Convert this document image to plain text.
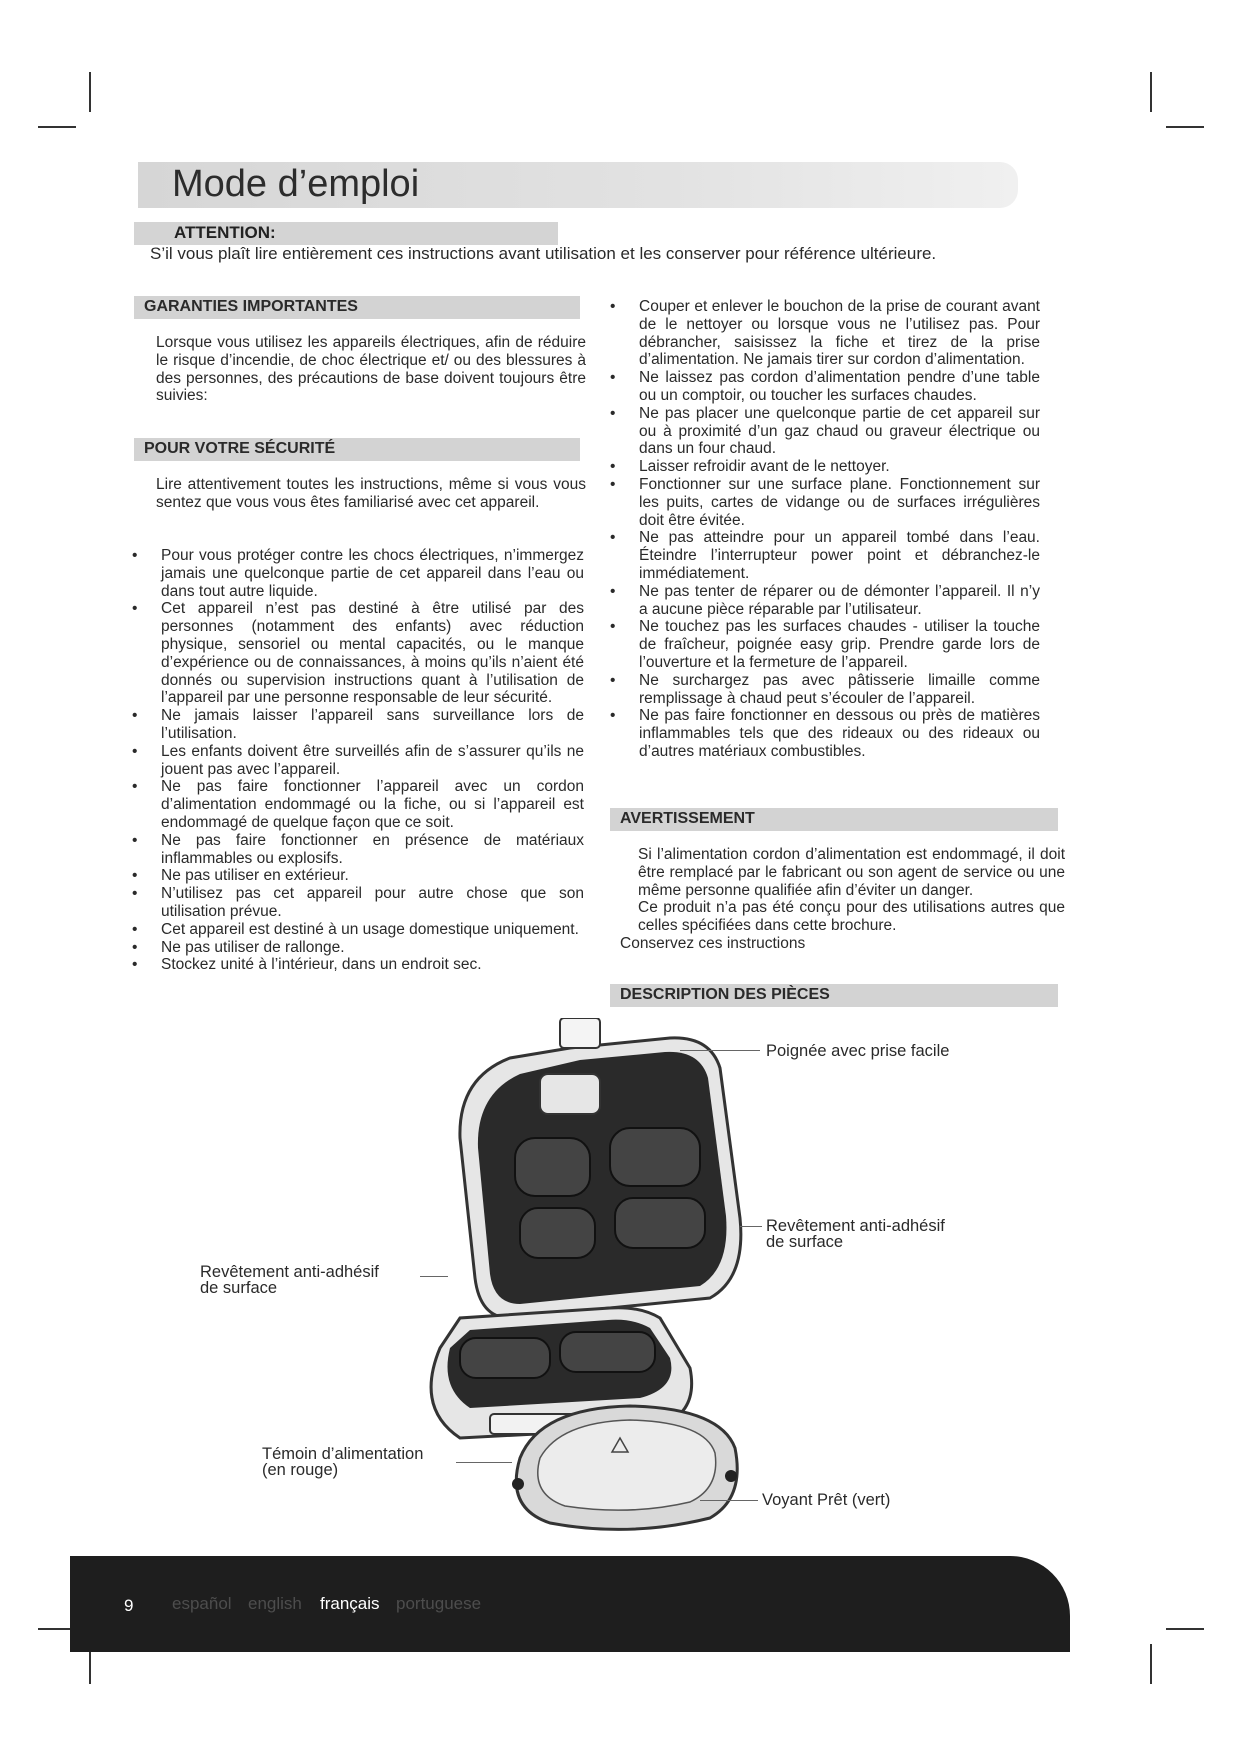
Mode d’emploi
ATTENTION:
S’il vous plaît lire entièrement ces instructions avant utilisation et les conserver pour référence ultérieure.
GARANTIES IMPORTANTES

Lorsque vous utilisez les appareils électriques, afin de réduire le risque d’incendie, de choc électrique et/ ou des blessures à des personnes, des précautions de base doivent toujours être suivies:

POUR VOTRE SÉCURITÉ

Lire attentivement toutes les instructions, même si vous vous sentez que vous vous êtes familiarisé avec cet appareil.

• Pour vous protéger contre les chocs électriques, n’immergez jamais une quelconque partie de cet appareil dans l’eau ou dans tout autre liquide.
• Cet appareil n’est pas destiné à être utilisé par des personnes (notamment des enfants) avec réduction physique, sensoriel ou mental capacités, ou le manque d’expérience ou de connaissances, à moins qu’ils n’aient été donnés ou supervision instructions quant à l’utilisation de l’appareil par une personne responsable de leur sécurité.
• Ne jamais laisser l’appareil sans surveillance lors de l’utilisation.
• Les enfants doivent être surveillés afin de s’assurer qu’ils ne jouent pas avec l’appareil.
• Ne pas faire fonctionner l’appareil avec un cordon d’alimentation endommagé ou la fiche, ou si l’appareil est endommagé de quelque façon que ce soit.
• Ne pas faire fonctionner en présence de matériaux inflammables ou explosifs.
• Ne pas utiliser en extérieur.
• N’utilisez pas cet appareil pour autre chose que son utilisation prévue.
• Cet appareil est destiné à un usage domestique uniquement.
• Ne pas utiliser de rallonge.
• Stockez unité à l’intérieur, dans un endroit sec.
• Couper et enlever le bouchon de la prise de courant avant de le nettoyer ou lorsque vous ne l’utilisez pas. Pour débrancher, saisissez la fiche et tirez de la prise d’alimentation. Ne jamais tirer sur cordon d’alimentation.
• Ne laissez pas cordon d’alimentation pendre d’une table ou un comptoir, ou toucher les surfaces chaudes.
• Ne pas placer une quelconque partie de cet appareil sur ou à proximité d’un gaz chaud ou graveur électrique ou dans un four chaud.
• Laisser refroidir avant de le nettoyer.
• Fonctionner sur une surface plane. Fonctionnement sur les puits, cartes de vidange ou de surfaces irrégulières doit être évitée.
• Ne pas atteindre pour un appareil tombé dans l’eau. Éteindre l’interrupteur power point et débranchez-le immédiatement.
• Ne pas tenter de réparer ou de démonter l’appareil. Il n’y a aucune pièce réparable par l’utilisateur.
• Ne touchez pas les surfaces chaudes - utiliser la touche de fraîcheur, poignée easy grip. Prendre garde lors de l’ouverture et la fermeture de l’appareil.
• Ne surchargez pas avec pâtisserie limaille comme remplissage à chaud peut s’écouler de l’appareil.
• Ne pas faire fonctionner en dessous ou près de matières inflammables tels que des rideaux ou des rideaux ou d’autres matériaux combustibles.
AVERTISSEMENT

Si l’alimentation cordon d’alimentation est endommagé, il doit être remplacé par le fabricant ou son agent de service ou une même personne qualifiée afin d’éviter un danger.

Ce produit n’a pas été conçu pour des utilisations autres que celles spécifiées dans cette brochure.

Conservez ces instructions

DESCRIPTION DES PIÈCES
Poignée avec prise facile
Revêtement anti-adhésif
de surface
Revêtement anti-adhésif
de surface
Témoin d’alimentation
(en rouge)
Voyant Prêt (vert)
9 español english français portuguese
